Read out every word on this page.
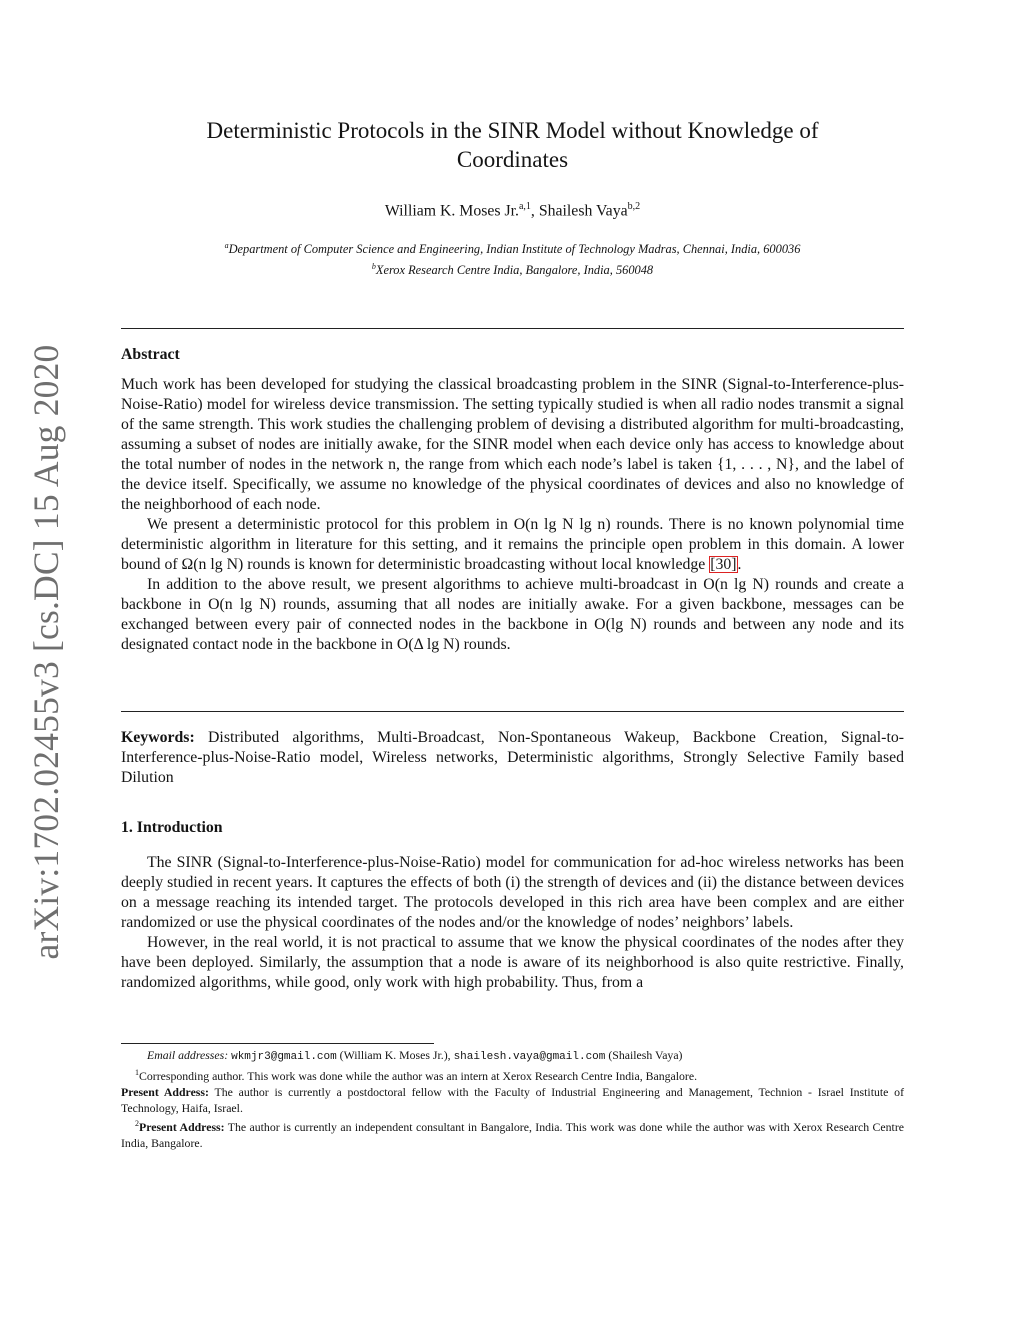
arXiv:1702.02455v3 [cs.DC] 15 Aug 2020
Deterministic Protocols in the SINR Model without Knowledge of
Coordinates
William K. Moses Jr.$^{a,1}$, Shailesh Vaya$^{b,2}$
$^a$Department of Computer Science and Engineering, Indian Institute of Technology Madras, Chennai, India, 600036
$^b$Xerox Research Centre India, Bangalore, India, 560048
Abstract

Much work has been developed for studying the classical broadcasting problem in the SINR (Signal-to-Interference-plus-Noise-Ratio) model for wireless device transmission. The setting typically studied is when all radio nodes transmit a signal of the same strength. This work studies the challenging problem of devising a distributed algorithm for multi-broadcasting, assuming a subset of nodes are initially awake, for the SINR model when each device only has access to knowledge about the total number of nodes in the network n, the range from which each node’s label is taken {1, . . . , N}, and the label of the device itself. Specifically, we assume no knowledge of the physical coordinates of devices and also no knowledge of the neighborhood of each node.

We present a deterministic protocol for this problem in O(n lg N lg n) rounds. There is no known polynomial time deterministic algorithm in literature for this setting, and it remains the principle open problem in this domain. A lower bound of Ω(n lg N) rounds is known for deterministic broadcasting without local knowledge [30].

In addition to the above result, we present algorithms to achieve multi-broadcast in O(n lg N) rounds and create a backbone in O(n lg N) rounds, assuming that all nodes are initially awake. For a given backbone, messages can be exchanged between every pair of connected nodes in the backbone in O(lg N) rounds and between any node and its designated contact node in the backbone in O(Δ lg N) rounds.

Keywords: Distributed algorithms, Multi-Broadcast, Non-Spontaneous Wakeup, Backbone Creation, Signal-to-Interference-plus-Noise-Ratio model, Wireless networks, Deterministic algorithms, Strongly Selective Family based Dilution

1. Introduction

The SINR (Signal-to-Interference-plus-Noise-Ratio) model for communication for ad-hoc wireless networks has been deeply studied in recent years. It captures the effects of both (i) the strength of devices and (ii) the distance between devices on a message reaching its intended target. The protocols developed in this rich area have been complex and are either randomized or use the physical coordinates of the nodes and/or the knowledge of nodes’ neighbors’ labels.

However, in the real world, it is not practical to assume that we know the physical coordinates of the nodes after they have been deployed. Similarly, the assumption that a node is aware of its neighborhood is also quite restrictive. Finally, randomized algorithms, while good, only work with high probability. Thus, from a

Email addresses: wkmjr3@gmail.com (William K. Moses Jr.), shailesh.vaya@gmail.com (Shailesh Vaya)

$^1$Corresponding author. This work was done while the author was an intern at Xerox Research Centre India, Bangalore.

Present Address: The author is currently a postdoctoral fellow with the Faculty of Industrial Engineering and Management, Technion - Israel Institute of Technology, Haifa, Israel.

$^2$Present Address: The author is currently an independent consultant in Bangalore, India. This work was done while the author was with Xerox Research Centre India, Bangalore.
